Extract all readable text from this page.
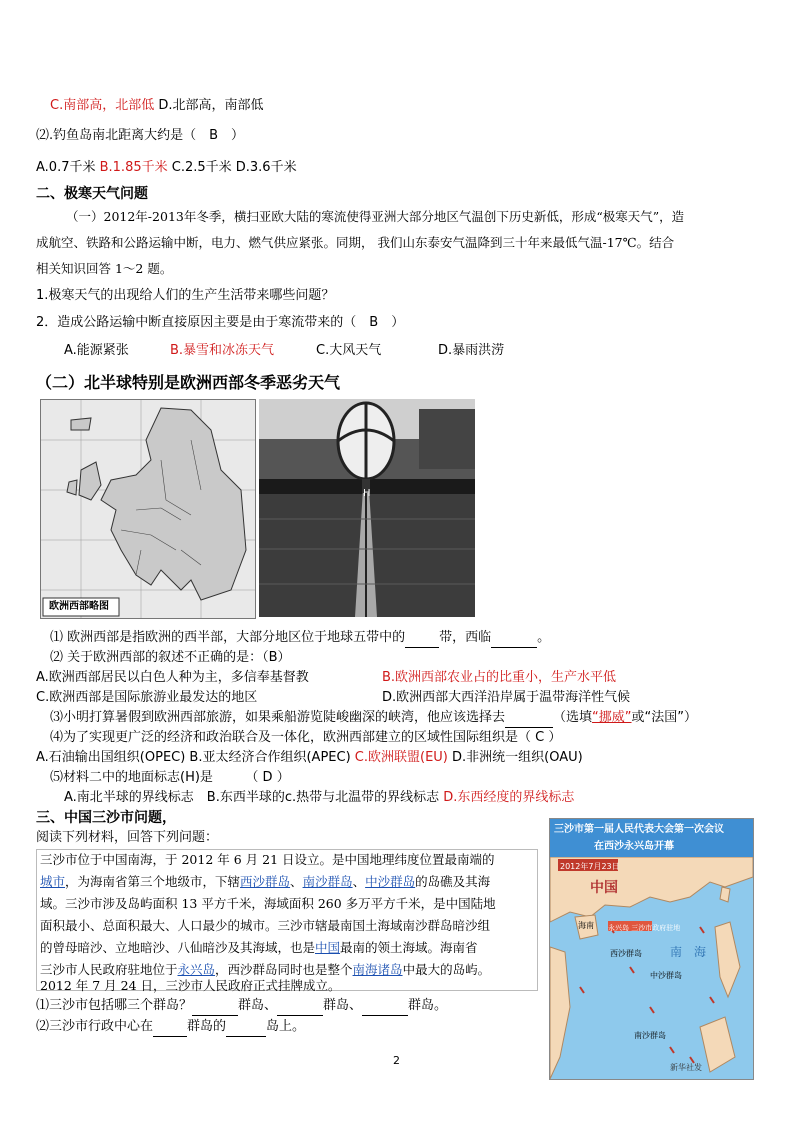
C.南部高，北部低 D.北部高，南部低
⑵.钓鱼岛南北距离大约是（　B　）
A.0.7千米 B.1.85千米 C.2.5千米 D.3.6千米
二、极寒天气问题
（一）2012年-2013年冬季，横扫亚欧大陆的寒流使得亚洲大部分地区气温创下历史新低，形成“极寒天气”，造
成航空、铁路和公路运输中断，电力、燃气供应紧张。同期， 我们山东泰安气温降到三十年来最低气温-17℃。结合
相关知识回答 1～2 题。
1.极寒天气的出现给人们的生产生活带来哪些问题？
2．造成公路运输中断直接原因主要是由于寒流带来的（　B　）
A.能源紧张	B.暴雪和冰冻天气	C.大风天气	D.暴雨洪涝
（二）北半球特别是欧洲西部冬季恶劣天气
欧洲西部略图
H
⑴ 欧洲西部是指欧洲的西半部，大部分地区位于地球五带中的	带，西临	。
⑵ 关于欧洲西部的叙述不正确的是：（B）
A.欧洲西部居民以白色人种为主，多信奉基督教	B.欧洲西部农业占的比重小，生产水平低
C.欧洲西部是国际旅游业最发达的地区	D.欧洲西部大西洋沿岸属于温带海洋性气候
⑶小明打算暑假到欧洲西部旅游，如果乘船游览陡峻幽深的峡湾，他应该选择去	（选填“挪威”或“法国”）
⑷为了实现更广泛的经济和政治联合及一体化，欧洲西部建立的区域性国际组织是（ C ）
A.石油输出国组织(OPEC) B.亚太经济合作组织(APEC) C.欧洲联盟(EU) D.非洲统一组织(OAU)
⑸材料二中的地面标志(H)是　　　（ D ）
A.南北半球的界线标志　B.东西半球的c.热带与北温带的界线标志 D.东西经度的界线标志
三、中国三沙市问题，
阅读下列材料，回答下列问题：
三沙市位于中国南海，于 2012 年 6 月 21 日设立。是中国地理纬度位置最南端的
城市，为海南省第三个地级市，下辖西沙群岛、南沙群岛、中沙群岛的岛礁及其海
域。三沙市涉及岛屿面积 13 平方千米，海域面积 260 多万平方千米，是中国陆地
面积最小、总面积最大、人口最少的城市。三沙市辖最南国土海域南沙群岛暗沙组
的曾母暗沙、立地暗沙、八仙暗沙及其海域，也是中国最南的领土海域。海南省
三沙市人民政府驻地位于永兴岛，西沙群岛同时也是整个南海诸岛中最大的岛屿。
2012 年 7 月 24 日，三沙市人民政府正式挂牌成立。
⑴三沙市包括哪三个群岛？	群岛、	群岛、	群岛。
⑵三沙市行政中心在	群岛的	岛上。
三沙市第一届人民代表大会第一次会议
在西沙永兴岛开幕
2012年7月23日
中国
海南 永兴岛 三沙市政府驻地
南　海
中沙群岛
西沙群岛
南沙群岛
新华社发
2
